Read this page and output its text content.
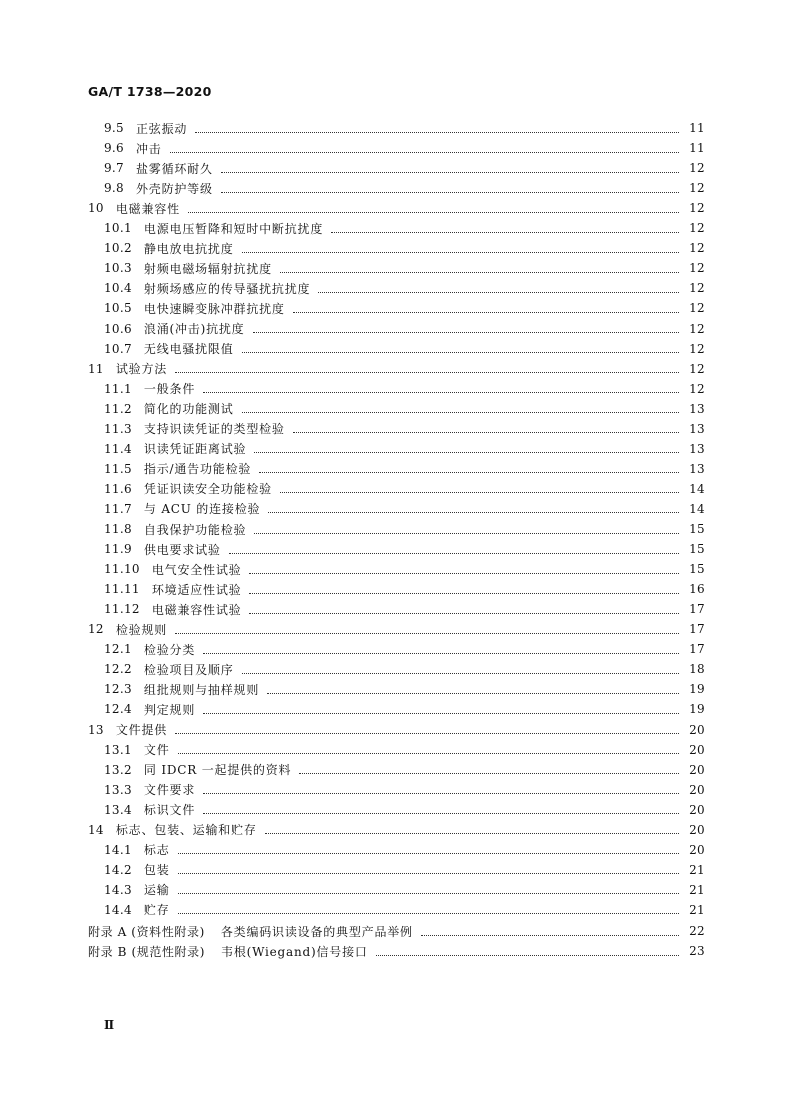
GA/T 1738—2020
9.5 正弦振动	11
9.6 冲击	11
9.7 盐雾循环耐久	12
9.8 外壳防护等级	12
10 电磁兼容性	12
10.1 电源电压暂降和短时中断抗扰度	12
10.2 静电放电抗扰度	12
10.3 射频电磁场辐射抗扰度	12
10.4 射频场感应的传导骚扰抗扰度	12
10.5 电快速瞬变脉冲群抗扰度	12
10.6 浪涌(冲击)抗扰度	12
10.7 无线电骚扰限值	12
11 试验方法	12
11.1 一般条件	12
11.2 简化的功能测试	13
11.3 支持识读凭证的类型检验	13
11.4 识读凭证距离试验	13
11.5 指示/通告功能检验	13
11.6 凭证识读安全功能检验	14
11.7 与 ACU 的连接检验	14
11.8 自我保护功能检验	15
11.9 供电要求试验	15
11.10 电气安全性试验	15
11.11 环境适应性试验	16
11.12 电磁兼容性试验	17
12 检验规则	17
12.1 检验分类	17
12.2 检验项目及顺序	18
12.3 组批规则与抽样规则	19
12.4 判定规则	19
13 文件提供	20
13.1 文件	20
13.2 同 IDCR 一起提供的资料	20
13.3 文件要求	20
13.4 标识文件	20
14 标志、包装、运输和贮存	20
14.1 标志	20
14.2 包装	21
14.3 运输	21
14.4 贮存	21
附录 A (资料性附录) 各类编码识读设备的典型产品举例	22
附录 B (规范性附录) 韦根(Wiegand)信号接口	23
Ⅱ
